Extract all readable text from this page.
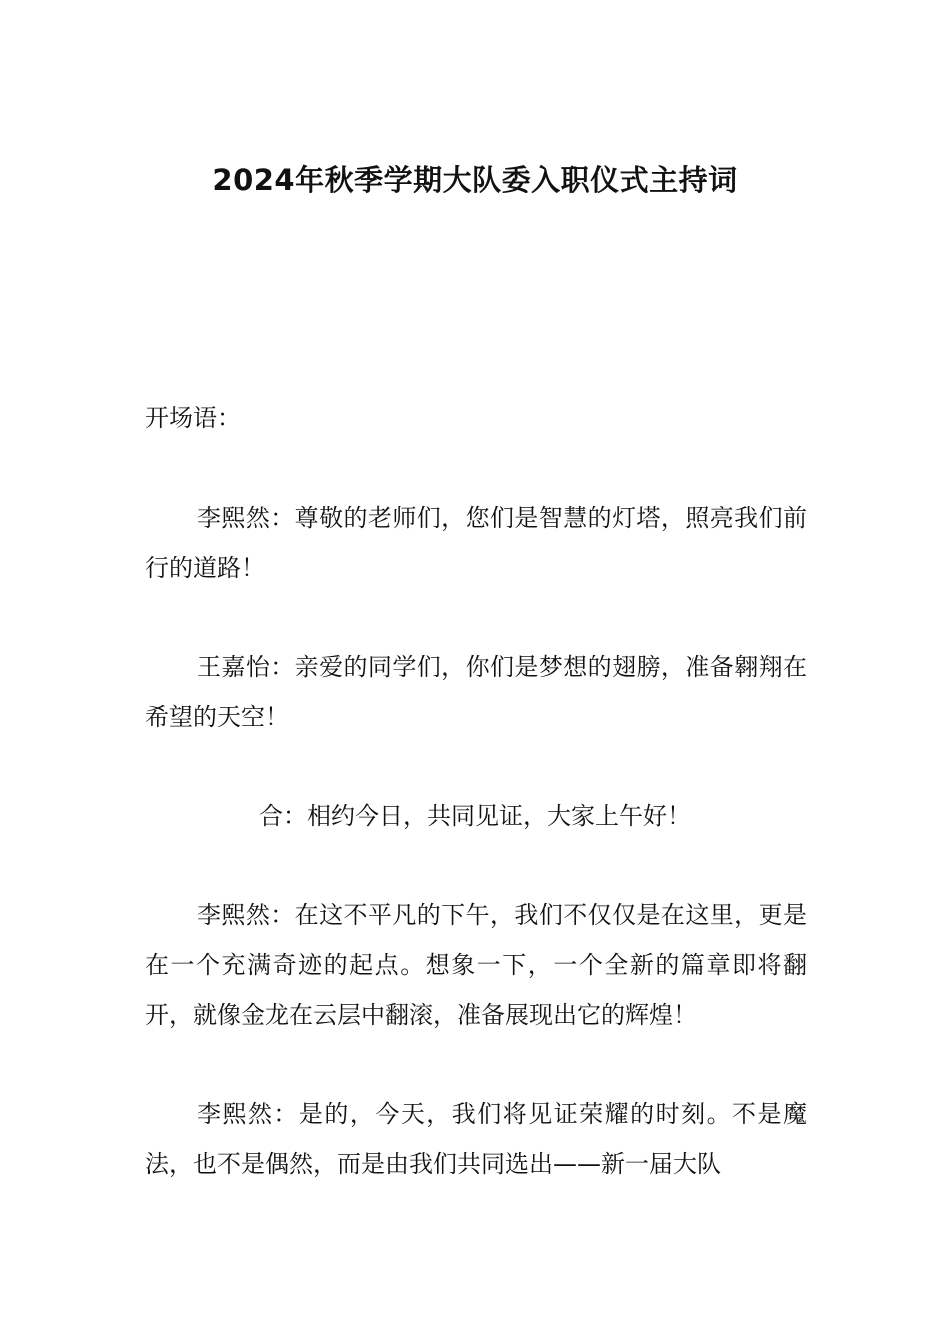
2024年秋季学期大队委入职仪式主持词
开场语：
李熙然：尊敬的老师们，您们是智慧的灯塔，照亮我们前行的道路！
王嘉怡：亲爱的同学们，你们是梦想的翅膀，准备翱翔在希望的天空！
合：相约今日，共同见证，大家上午好！
李熙然：在这不平凡的下午，我们不仅仅是在这里，更是在一个充满奇迹的起点。想象一下，一个全新的篇章即将翻开，就像金龙在云层中翻滚，准备展现出它的辉煌！
李熙然：是的，今天，我们将见证荣耀的时刻。不是魔法，也不是偶然，而是由我们共同选出——新一届大队
